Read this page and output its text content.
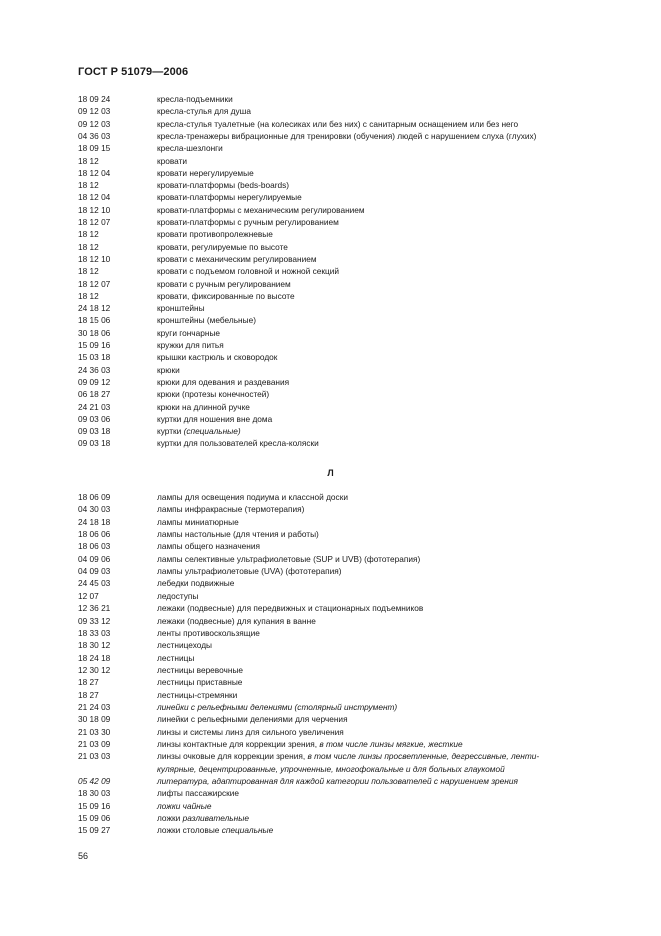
ГОСТ Р 51079—2006
18 09 24	кресла-подъемники
09 12 03	кресла-стулья для душа
09 12 03	кресла-стулья туалетные (на колесиках или без них) с санитарным оснащением или без него
04 36 03	кресла-тренажеры вибрационные для тренировки (обучения) людей с нарушением слуха (глухих)
18 09 15	кресла-шезлонги
18 12	кровати
18 12 04	кровати нерегулируемые
18 12	кровати-платформы (beds-boards)
18 12 04	кровати-платформы нерегулируемые
18 12 10	кровати-платформы с механическим регулированием
18 12 07	кровати-платформы с ручным регулированием
18 12	кровати противопролежневые
18 12	кровати, регулируемые по высоте
18 12 10	кровати с механическим регулированием
18 12	кровати с подъемом головной и ножной секций
18 12 07	кровати с ручным регулированием
18 12	кровати, фиксированные по высоте
24 18 12	кронштейны
18 15 06	кронштейны (мебельные)
30 18 06	круги гончарные
15 09 16	кружки для питья
15 03 18	крышки кастрюль и сковородок
24 36 03	крюки
09 09 12	крюки для одевания и раздевания
06 18 27	крюки (протезы конечностей)
24 21 03	крюки на длинной ручке
09 03 06	куртки для ношения вне дома
09 03 18	куртки (специальные)
09 03 18	куртки для пользователей кресла-коляски
Л
18 06 09	лампы для освещения подиума и классной доски
04 30 03	лампы инфракрасные (термотерапия)
24 18 18	лампы миниатюрные
18 06 06	лампы настольные (для чтения и работы)
18 06 03	лампы общего назначения
04 09 06	лампы селективные ультрафиолетовые (SUP и UVB) (фототерапия)
04 09 03	лампы ультрафиолетовые (UVA) (фототерапия)
24 45 03	лебедки подвижные
12 07	ледоступы
12 36 21	лежаки (подвесные) для передвижных и стационарных подъемников
09 33 12	лежаки (подвесные) для купания в ванне
18 33 03	ленты противоскользящие
18 30 12	лестницеходы
18 24 18	лестницы
12 30 12	лестницы веревочные
18 27	лестницы приставные
18 27	лестницы-стремянки
21 24 03	линейки с рельефными делениями (столярный инструмент)
30 18 09	линейки с рельефными делениями для черчения
21 03 30	линзы и системы линз для сильного увеличения
21 03 09	линзы контактные для коррекции зрения, в том числе линзы мягкие, жесткие
21 03 03	линзы очковые для коррекции зрения, в том числе линзы просветленные, дегрессивные, ленти-
кулярные, децентрированные, упрочненные, многофокальные и для больных глаукомой
05 42 09	литература, адаптированная для каждой категории пользователей с нарушением зрения
18 30 03	лифты пассажирские
15 09 16	ложки чайные
15 09 06	ложки разливательные
15 09 27	ложки столовые специальные
56
